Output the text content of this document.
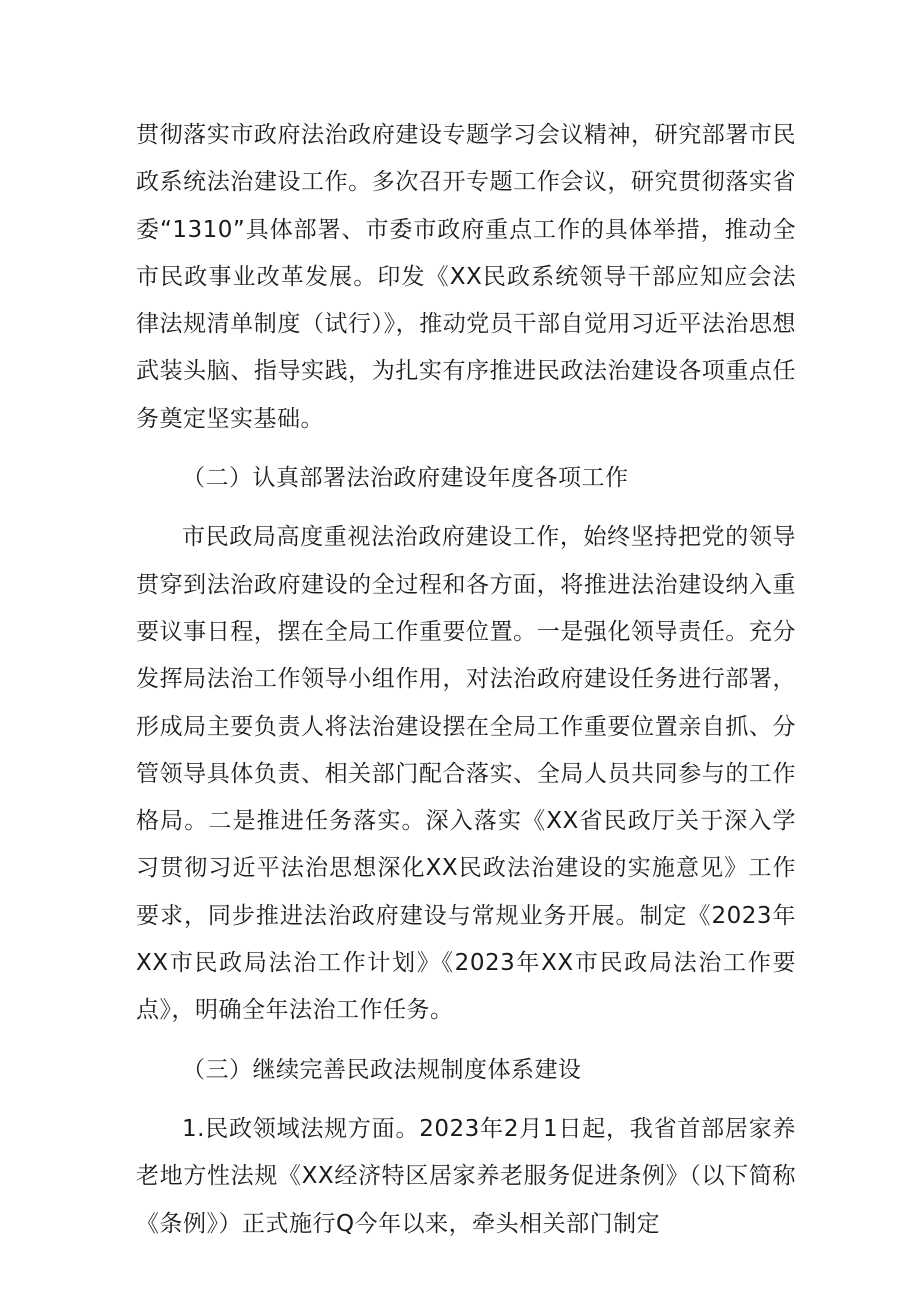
贯彻落实市政府法治政府建设专题学习会议精神，研究部署市民政系统法治建设工作。多次召开专题工作会议，研究贯彻落实省委“1310”具体部署、市委市政府重点工作的具体举措，推动全市民政事业改革发展。印发《XX民政系统领导干部应知应会法律法规清单制度（试行）》，推动党员干部自觉用习近平法治思想武装头脑、指导实践，为扎实有序推进民政法治建设各项重点任务奠定坚实基础。

（二）认真部署法治政府建设年度各项工作

市民政局高度重视法治政府建设工作，始终坚持把党的领导贯穿到法治政府建设的全过程和各方面，将推进法治建设纳入重要议事日程，摆在全局工作重要位置。一是强化领导责任。充分发挥局法治工作领导小组作用，对法治政府建设任务进行部署，形成局主要负责人将法治建设摆在全局工作重要位置亲自抓、分管领导具体负责、相关部门配合落实、全局人员共同参与的工作格局。二是推进任务落实。深入落实《XX省民政厅关于深入学习贯彻习近平法治思想深化XX民政法治建设的实施意见》工作要求，同步推进法治政府建设与常规业务开展。制定《2023年XX市民政局法治工作计划》《2023年XX市民政局法治工作要点》，明确全年法治工作任务。

（三）继续完善民政法规制度体系建设

1.民政领域法规方面。2023年2月1日起，我省首部居家养老地方性法规《XX经济特区居家养老服务促进条例》（以下简称《条例》）正式施行Q今年以来，牵头相关部门制定
